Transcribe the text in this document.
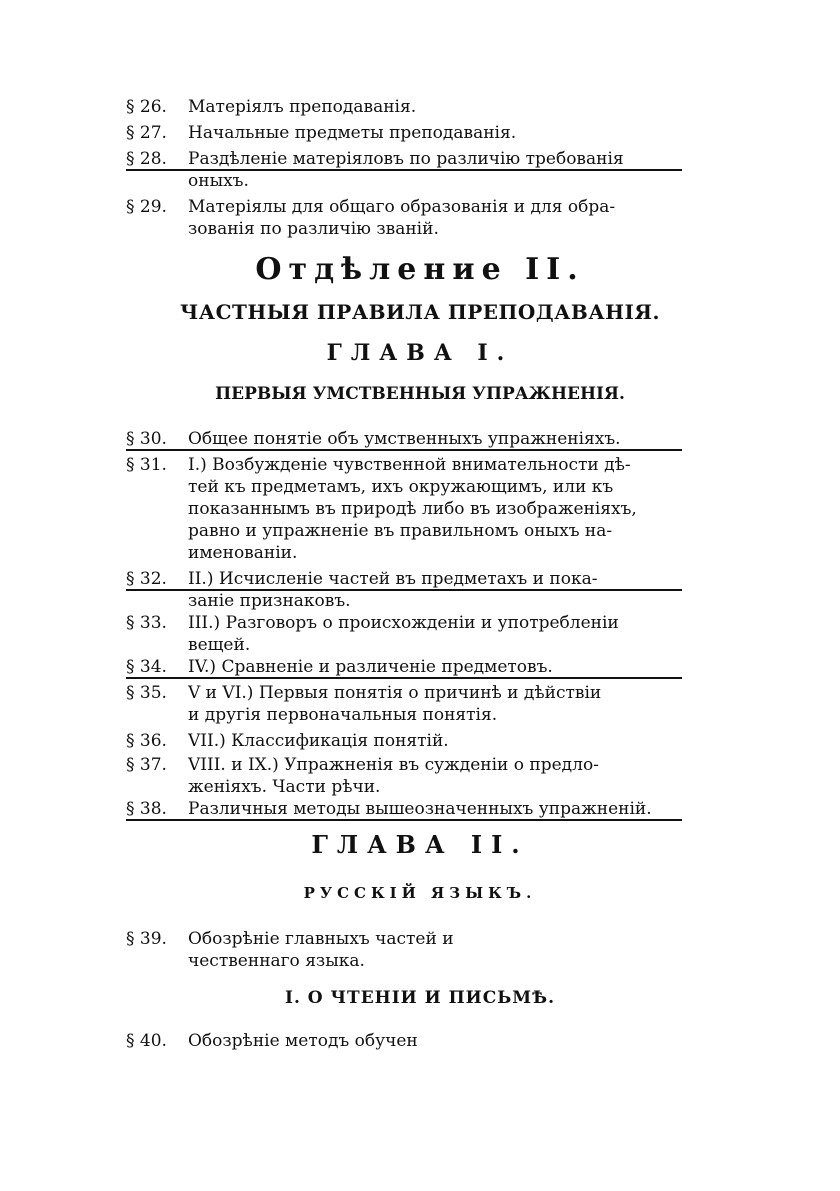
§ 26. Матеріялъ преподаванія.
§ 27. Начальные предметы преподаванія.
§ 28. Раздѣленіе матеріяловъ по различію требованія
оныхъ.
§ 29. Матеріялы для общаго образованія и для обра-
зованія по различію званій.
Отдѣление II.
ЧАСТНЫЯ ПРАВИЛА ПРЕПОДАВАНІЯ.
ГЛАВА I.
ПЕРВЫЯ УМСТВЕННЫЯ УПРАЖНЕНІЯ.
§ 30. Общее понятіе объ умственныхъ упражненіяхъ.
§ 31. I.) Возбужденіе чувственной внимательности дѣ-
тей къ предметамъ, ихъ окружающимъ, или къ
показаннымъ въ природѣ либо въ изображеніяхъ,
равно и упражненіе въ правильномъ оныхъ на-
именованіи.
§ 32. II.) Исчисленіе частей въ предметахъ и пока-
заніе признаковъ.
§ 33. III.) Разговоръ о происхожденіи и употребленіи
вещей.
§ 34. IV.) Сравненіе и различеніе предметовъ.
§ 35. V и VI.) Первыя понятія о причинѣ и дѣйствіи
и другія первоначальныя понятія.
§ 36. VII.) Классификація понятій.
§ 37. VIII. и IX.) Упражненія въ сужденіи о предло-
женіяхъ. Части рѣчи.
§ 38. Различныя методы вышеозначенныхъ упражненій.
ГЛАВА II.
РУССКІЙ ЯЗЫКЪ.
§ 39. Обозрѣніе главныхъ частей и
чественнаго языка.
I. О ЧТЕНІИ И ПИСЬМѢ.
§ 40. Обозрѣніе методъ обучен
